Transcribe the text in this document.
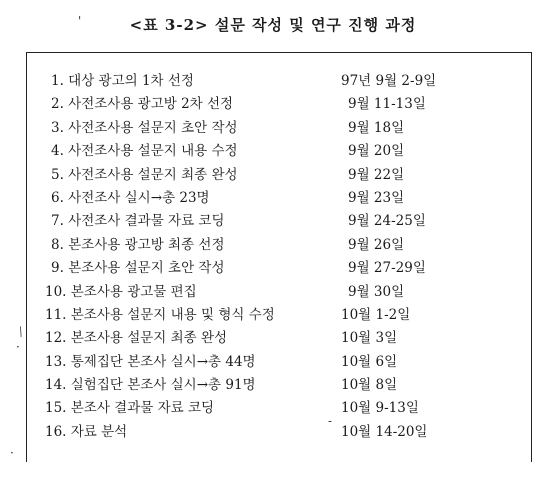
<표 3-2> 설문 작성 및 연구 진행 과정
'
⁄
·
·
-
1. 대상 광고의 1차 선정	97년 9월 2-9일
2. 사전조사용 광고방 2차 선정	9월 11-13일
3. 사전조사용 설문지 초안 작성	9월 18일
4. 사전조사용 설문지 내용 수정	9월 20일
5. 사전조사용 설문지 최종 완성	9월 22일
6. 사전조사 실시→총 23명	9월 23일
7. 사전조사 결과물 자료 코딩	9월 24-25일
8. 본조사용 광고방 최종 선정	9월 26일
9. 본조사용 설문지 초안 작성	9월 27-29일
10. 본조사용 광고물 편집	9월 30일
11. 본조사용 설문지 내용 및 형식 수정	10월 1-2일
12. 본조사용 설문지 최종 완성	10월 3일
13. 통제집단 본조사 실시→총 44명	10월 6일
14. 실험집단 본조사 실시→총 91명	10월 8일
15. 본조사 결과물 자료 코딩	10월 9-13일
16. 자료 분석	10월 14-20일
